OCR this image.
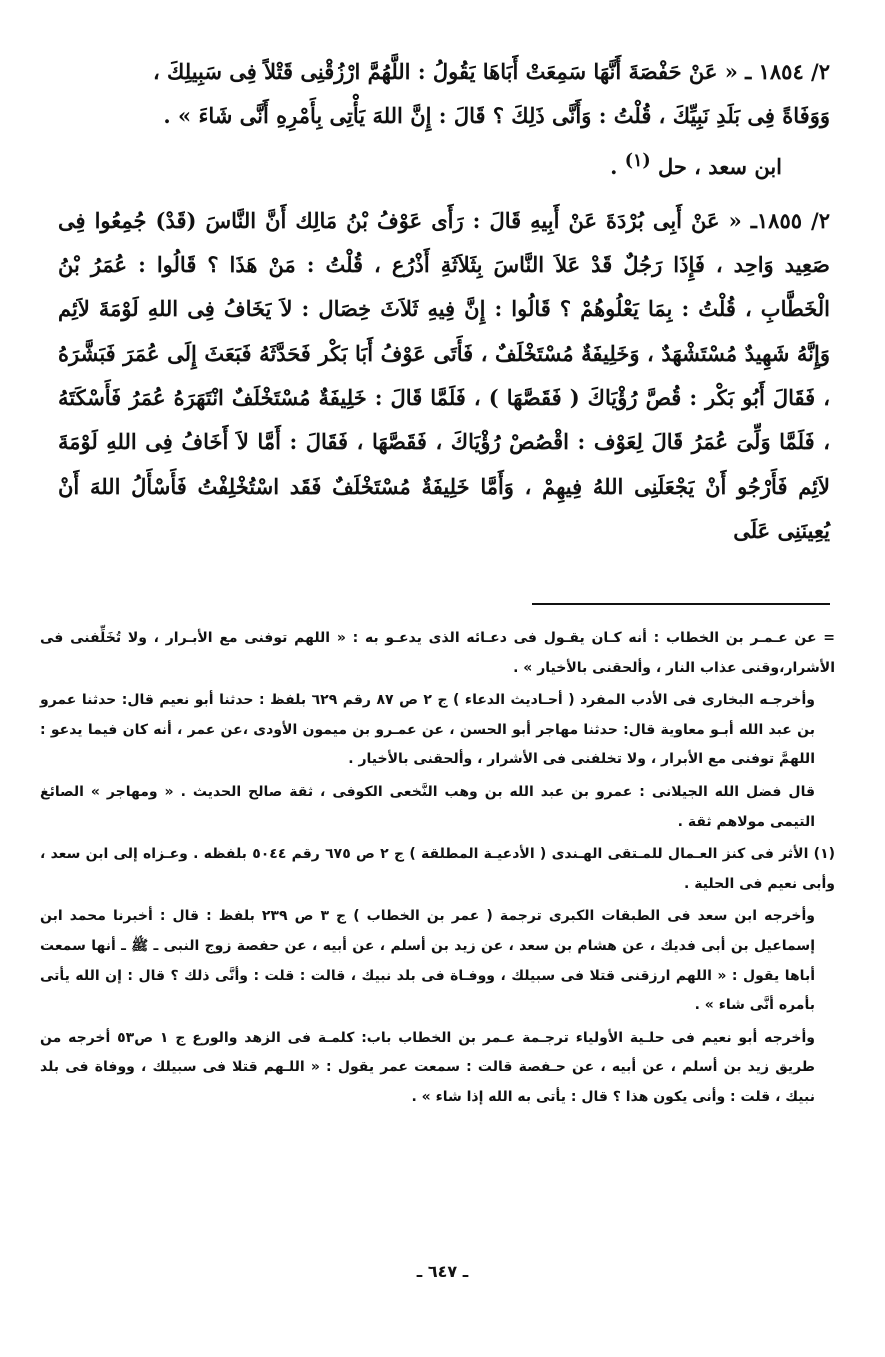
٢/ ١٨٥٤ ـ « عَنْ حَفْصَةَ أَنَّهَا سَمِعَتْ أَبَاهَا يَقُولُ : اللَّهُمَّ ارْزُقْنِى قَتْلاً فِى سَبِيلِكَ ،

وَوَفَاةً فِى بَلَدِ نَبِيِّكَ ، قُلْتُ : وَأَنَّى ذَلِكَ ؟ قَالَ : إِنَّ اللهَ يَأْتِى بِأَمْرِهِ أَنَّى شَاءَ » .

ابن سعد ، حل $^{(١)}$ .

٢/ ١٨٥٥ـ « عَنْ أَبِى بُرْدَةَ عَنْ أَبِيهِ قَالَ : رَأَى عَوْفُ بْنُ مَالِك أَنَّ النَّاسَ (قَدْ) جُمِعُوا فِى صَعِيد وَاحِد ، فَإِذَا رَجُلٌ قَدْ عَلاَ النَّاسَ بِثَلاَثَةِ أَذْرُع ، قُلْتُ : مَنْ هَذَا ؟ قَالُوا : عُمَرُ بْنُ الْخَطَّابِ ، قُلْتُ : بِمَا يَعْلُوهُمْ ؟ قَالُوا : إِنَّ فِيهِ ثَلاَثَ خِصَال : لاَ يَخَافُ فِى اللهِ لَوْمَةَ لاَئِم وَإِنَّهُ شَهِيدٌ مُسْتَشْهَدٌ ، وَخَلِيفَةٌ مُسْتَخْلَفٌ ، فَأَتَى عَوْفُ أَبَا بَكْر فَحَدَّثَهُ فَبَعَثَ إِلَى عُمَرَ فَبَشَّرَهُ ، فَقَالَ أَبُو بَكْر : قُصَّ رُؤْيَاكَ ( فَقَصَّهَا ) ، فَلَمَّا قَالَ : خَلِيفَةٌ مُسْتَخْلَفٌ انْتَهَرَهُ عُمَرُ فَأَسْكَتَهُ ، فَلَمَّا وَلِّىَ عُمَرُ قَالَ لِعَوْف : اقْصُصْ رُؤْيَاكَ ، فَقَصَّهَا ، فَقَالَ : أَمَّا لاَ أَخَافُ فِى اللهِ لَوْمَةَ لاَئِم فَأَرْجُو أَنْ يَجْعَلَنِى اللهُ فِيهِمْ ، وَأَمَّا خَلِيفَةٌ مُسْتَخْلَفٌ فَقَد اسْتُخْلِفْتُ فَأَسْأَلُ اللهَ أَنْ يُعِينَنِى عَلَى

= عن عـمـر بن الخطاب : أنه كـان يقـول فى دعـائه الذى يدعـو به : « اللهم توفنى مع الأبـرار ، ولا تُخَلِّفنى فى الأشرار،وقنى عذاب النار ، وألحقنى بالأخيار » .

وأخرجـه البخارى فى الأدب المفرد ( أحـاديث الدعاء ) ج ٢ ص ٨٧ رقم ٦٢٩ بلفظ : حدثنا أبو نعيم قال: حدثنا عمرو بن عبد الله أبـو معاوية قال: حدثنا مهاجر أبو الحسن ، عن عمـرو بن ميمون الأودى ،عن عمر ، أنه كان فيما يدعو : اللهمَّ توفنى مع الأبرار ، ولا تخلفنى فى الأشرار ، وألحقنى بالأخيار .

قال فضل الله الجيلانى : عمرو بن عبد الله بن وهب النَّخعى الكوفى ، ثقة صالح الحديث . « ومهاجر » الصائغ التيمى مولاهم ثقة .

(١) الأثر فى كنز العـمال للمـتقى الهـندى ( الأدعيـة المطلقة ) ج ٢ ص ٦٧٥ رقم ٥٠٤٤ بلفظه . وعـزاه إلى ابن سعد ، وأبى نعيم فى الحلية .

وأخرجه ابن سعد فى الطبقات الكبرى ترجمة ( عمر بن الخطاب ) ج ٣ ص ٢٣٩ بلفظ : قال : أخبرنا محمد ابن إسماعيل بن أبى فديك ، عن هشام بن سعد ، عن زيد بن أسلم ، عن أبيه ، عن حفصة زوج النبى ـ ﷺ ـ أنها سمعت أباها يقول : « اللهم ارزقنى قتلا فى سبيلك ، ووفـاة فى بلد نبيك ، قالت : قلت : وأنَّى ذلك ؟ قال : إن الله يأتى بأمره أنَّى شاء » .

وأخرجه أبو نعيم فى حلـية الأولياء ترجـمة عـمر بن الخطاب باب: كلمـة فى الزهد والورع ج ١ ص٥٣ أخرجه من طريق زيد بن أسلم ، عن أبيه ، عن حـفصة قالت : سمعت عمر يقول : « اللـهم قتلا فى سبيلك ، ووفاة فى بلد نبيك ، قلت : وأنى يكون هذا ؟ قال : يأتى به الله إذا شاء » .

ـ ٦٤٧ ـ
